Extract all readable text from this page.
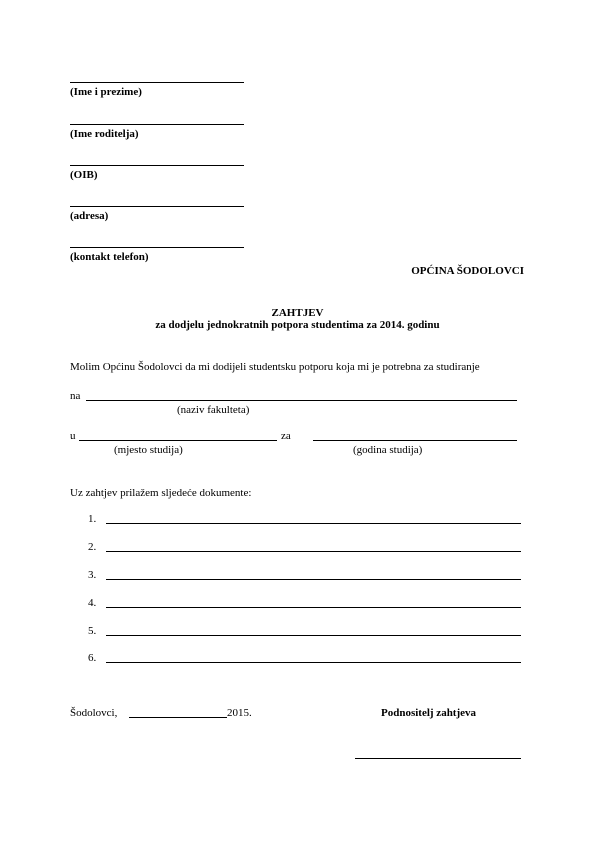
(Ime i prezime)
(Ime roditelja)
(OIB)
(adresa)
(kontakt telefon)
OPĆINA ŠODOLOVCI
ZAHTJEV
za dodjelu jednokratnih potpora studentima za 2014. godinu
Molim Općinu Šodolovci da mi dodijeli studentsku potporu koja mi je potrebna za studiranje
na
(naziv fakulteta)
u
(mjesto studija)
za
(godina studija)
Uz zahtjev prilažem sljedeće dokumente:
1.
2.
3.
4.
5.
6.
Šodolovci,	2015.	Podnositelj zahtjeva
